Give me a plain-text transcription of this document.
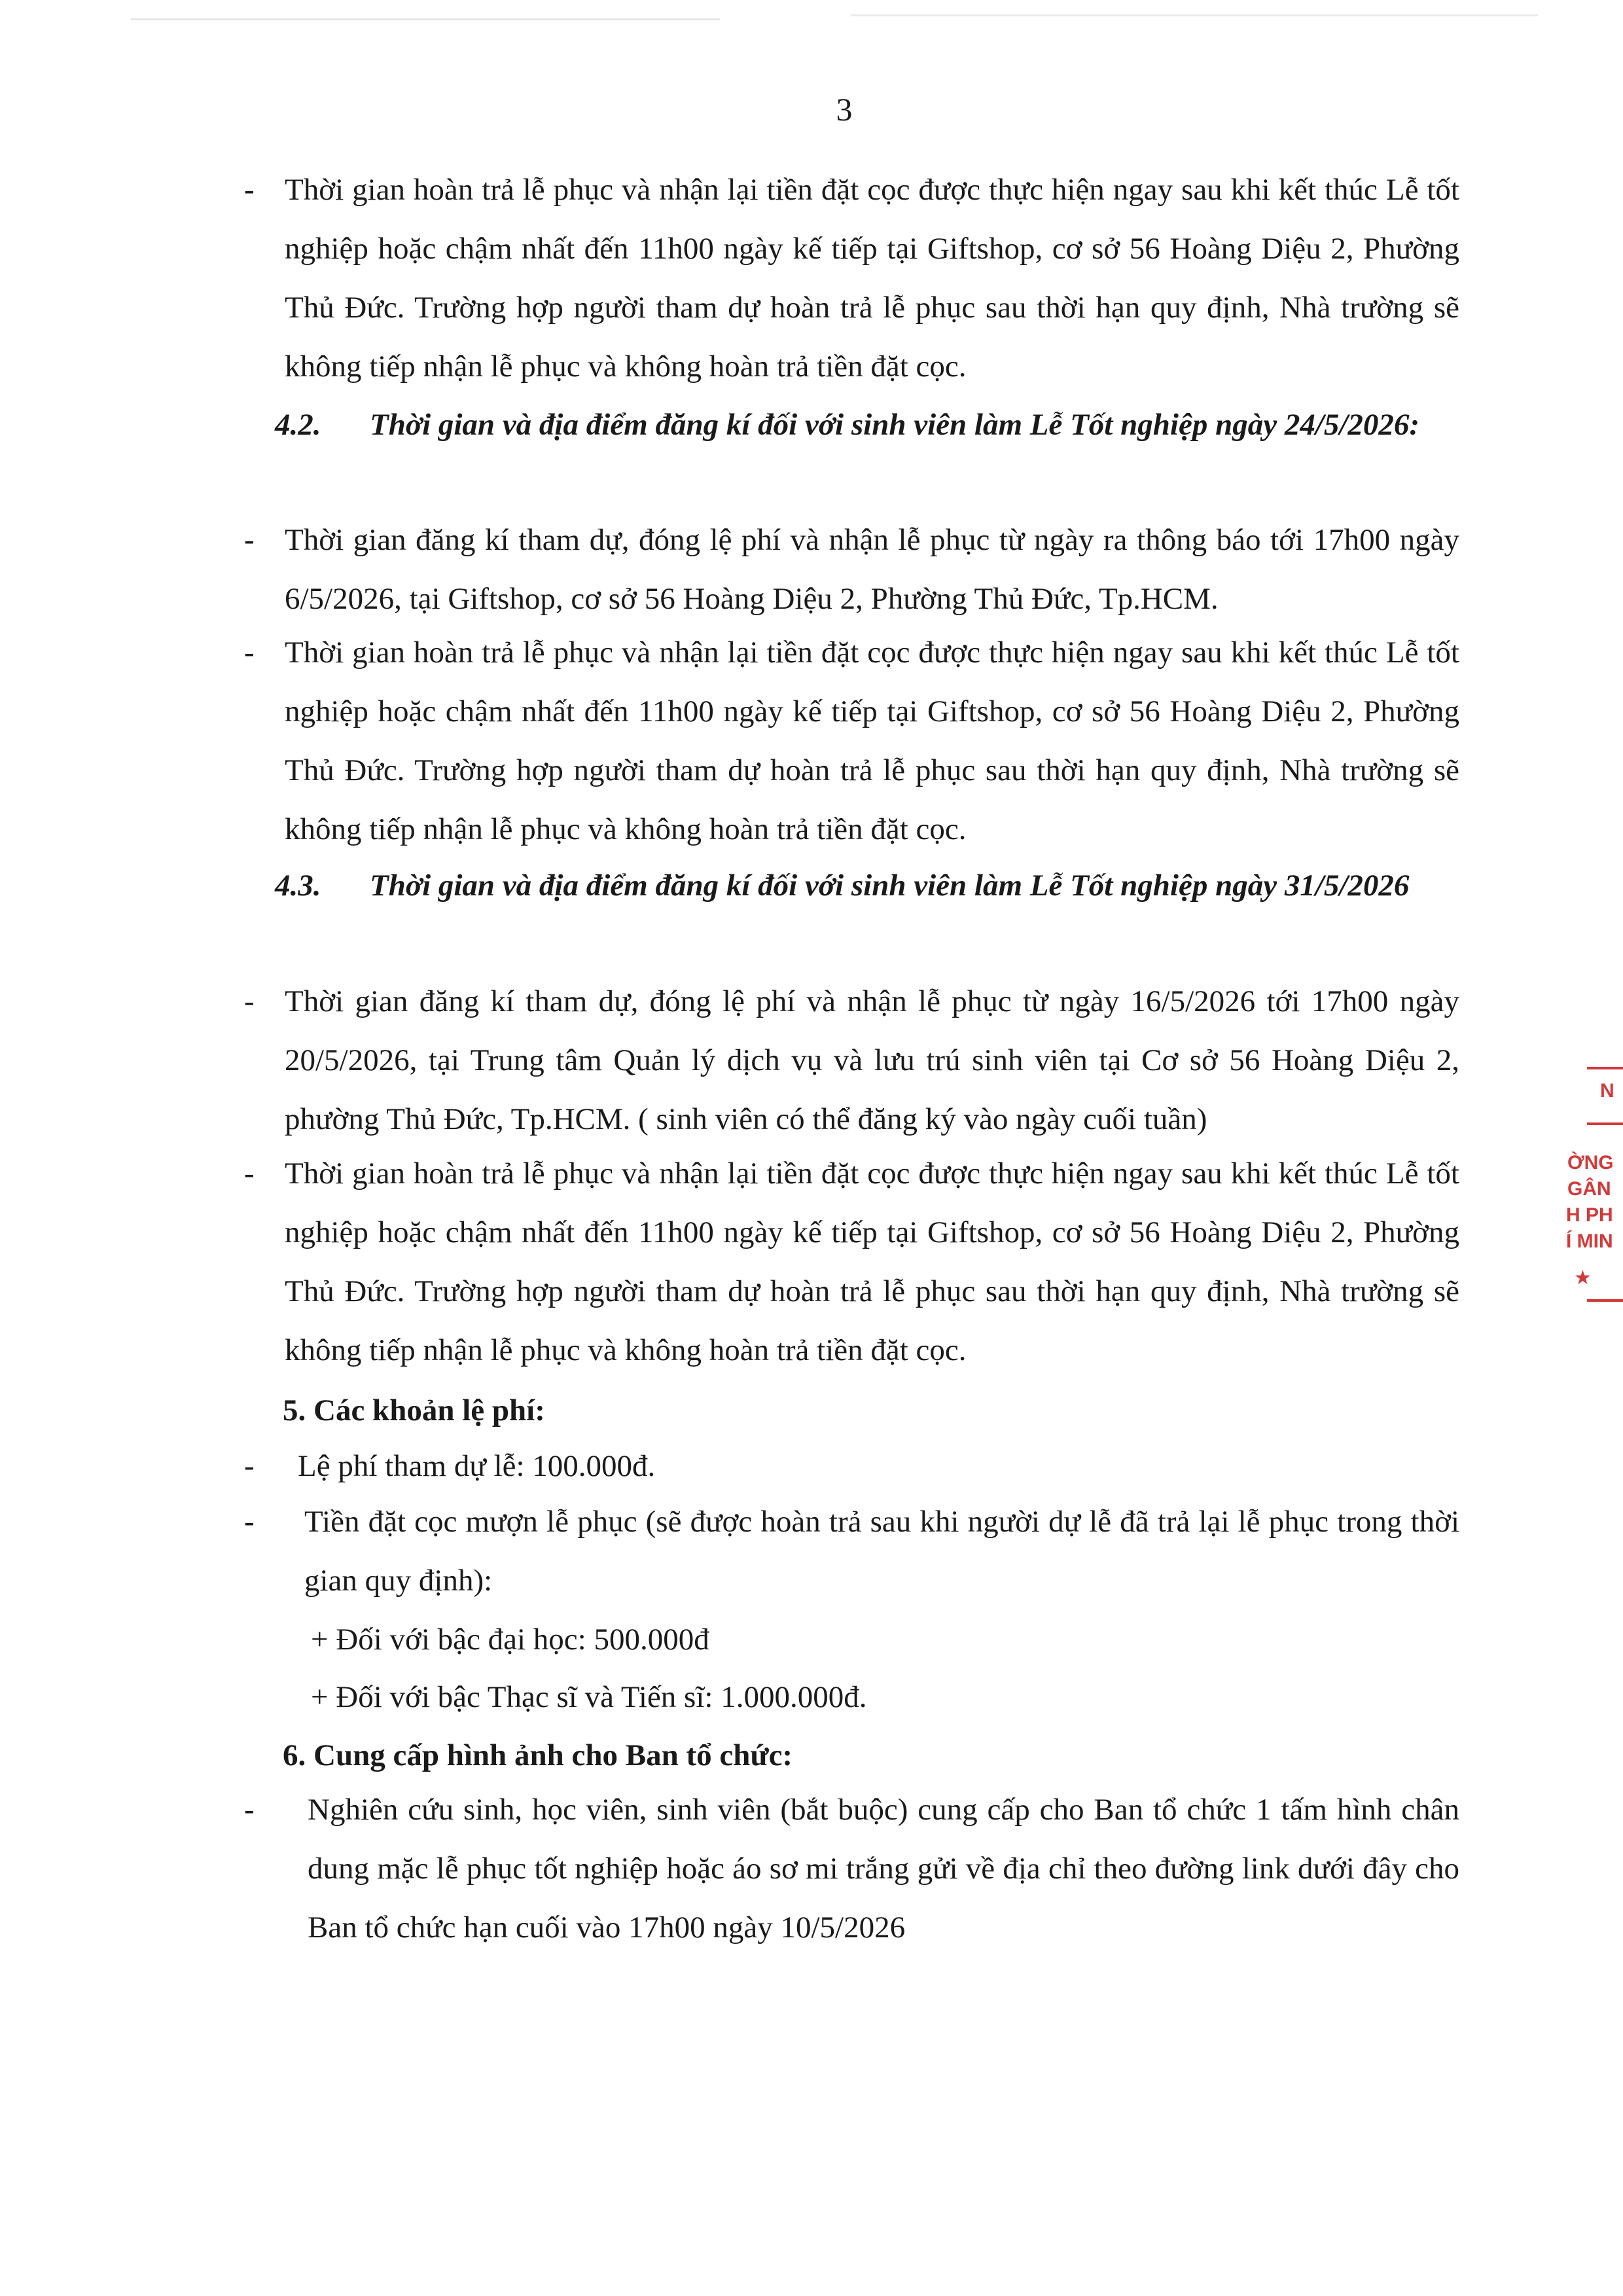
3
- Thời gian hoàn trả lễ phục và nhận lại tiền đặt cọc được thực hiện ngay sau khi kết thúc Lễ tốt nghiệp hoặc chậm nhất đến 11h00 ngày kế tiếp tại Giftshop, cơ sở 56 Hoàng Diệu 2, Phường Thủ Đức. Trường hợp người tham dự hoàn trả lễ phục sau thời hạn quy định, Nhà trường sẽ không tiếp nhận lễ phục và không hoàn trả tiền đặt cọc.
4.2. Thời gian và địa điểm đăng kí đối với sinh viên làm Lễ Tốt nghiệp ngày 24/5/2026:
- Thời gian đăng kí tham dự, đóng lệ phí và nhận lễ phục từ ngày ra thông báo tới 17h00 ngày 6/5/2026, tại Giftshop, cơ sở 56 Hoàng Diệu 2, Phường Thủ Đức, Tp.HCM.
- Thời gian hoàn trả lễ phục và nhận lại tiền đặt cọc được thực hiện ngay sau khi kết thúc Lễ tốt nghiệp hoặc chậm nhất đến 11h00 ngày kế tiếp tại Giftshop, cơ sở 56 Hoàng Diệu 2, Phường Thủ Đức. Trường hợp người tham dự hoàn trả lễ phục sau thời hạn quy định, Nhà trường sẽ không tiếp nhận lễ phục và không hoàn trả tiền đặt cọc.
4.3. Thời gian và địa điểm đăng kí đối với sinh viên làm Lễ Tốt nghiệp ngày 31/5/2026
- Thời gian đăng kí tham dự, đóng lệ phí và nhận lễ phục từ ngày 16/5/2026 tới 17h00 ngày 20/5/2026, tại Trung tâm Quản lý dịch vụ và lưu trú sinh viên tại Cơ sở 56 Hoàng Diệu 2, phường Thủ Đức, Tp.HCM. ( sinh viên có thể đăng ký vào ngày cuối tuần)
- Thời gian hoàn trả lễ phục và nhận lại tiền đặt cọc được thực hiện ngay sau khi kết thúc Lễ tốt nghiệp hoặc chậm nhất đến 11h00 ngày kế tiếp tại Giftshop, cơ sở 56 Hoàng Diệu 2, Phường Thủ Đức. Trường hợp người tham dự hoàn trả lễ phục sau thời hạn quy định, Nhà trường sẽ không tiếp nhận lễ phục và không hoàn trả tiền đặt cọc.
5. Các khoản lệ phí:
-	Lệ phí tham dự lễ: 100.000đ.
-	Tiền đặt cọc mượn lễ phục (sẽ được hoàn trả sau khi người dự lễ đã trả lại lễ phục trong thời gian quy định):
+ Đối với bậc đại học: 500.000đ
+ Đối với bậc Thạc sĩ và Tiến sĩ: 1.000.000đ.
6. Cung cấp hình ảnh cho Ban tổ chức:
-	Nghiên cứu sinh, học viên, sinh viên (bắt buộc) cung cấp cho Ban tổ chức 1 tấm hình chân dung mặc lễ phục tốt nghiệp hoặc áo sơ mi trắng gửi về địa chỉ theo đường link dưới đây cho Ban tổ chức hạn cuối vào 17h00 ngày 10/5/2026
N
ỜNG
GÂN
H PH
Í MIN
★
